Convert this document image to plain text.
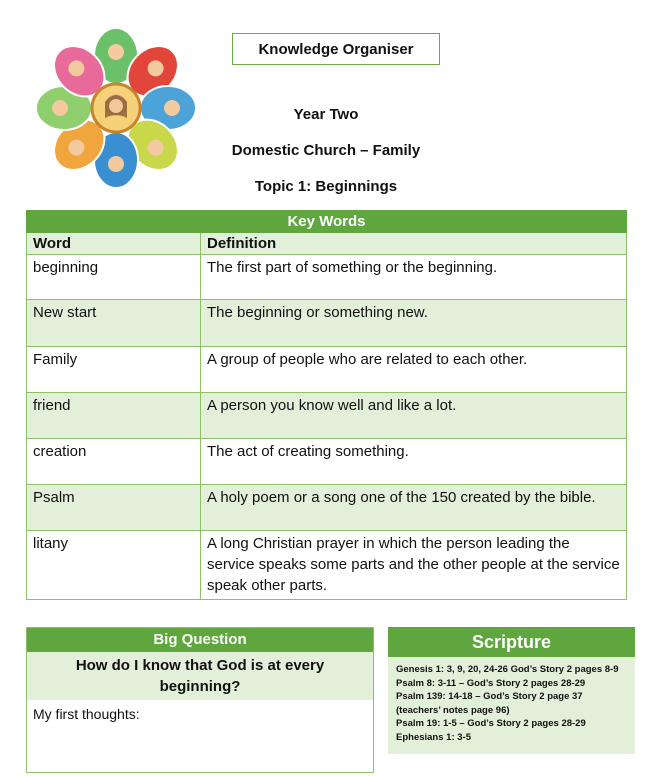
Knowledge Organiser
Year Two
Domestic Church – Family
Topic 1: Beginnings
Key Words	
Word	Definition
beginning	The first part of something or the beginning.
New start	The beginning or something new.
Family	A group of people who are related to each other.
friend	A person you know well and like a lot.
creation	The act of creating something.
Psalm	A holy poem or a song one of the 150 created by the bible.
litany	A long Christian prayer in which the person leading the service speaks some parts and the other people at the service speak other parts.
Big Question
How do I know that God is at every beginning?
My first thoughts:
Scripture
Genesis 1: 3, 9, 20, 24-26 God’s Story 2 pages 8-9
Psalm 8: 3-11 – God’s Story 2 pages 28-29
Psalm 139: 14-18 – God’s Story 2 page 37
(teachers’ notes page 96)
Psalm 19: 1-5 – God’s Story 2 pages 28-29
Ephesians 1: 3-5
